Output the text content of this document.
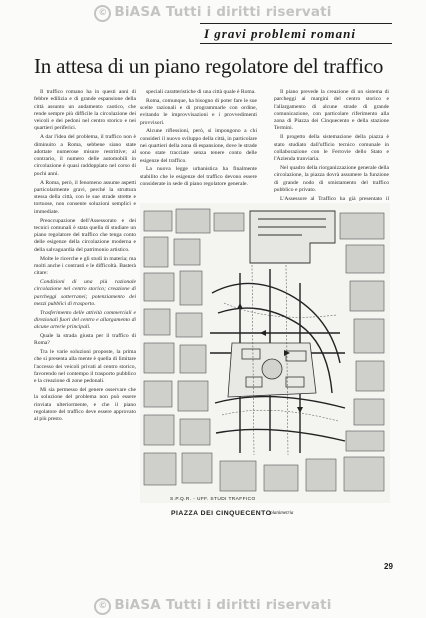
© BiASA Tutti i diritti riservati
I gravi problemi romani
In attesa di un piano regolatore del traffico

Il traffico romano ha in questi anni di febbre edilizia e di grande espansione della città assunto un andamento caotico, che rende sempre più difficile la circolazione dei veicoli e dei pedoni nel centro storico e nei quartieri periferici.

A dar l'idea del problema, il traffico non è diminuito a Roma, sebbene siano state adottate numerose misure restrittive; al contrario, il numero delle automobili in circolazione è quasi raddoppiato nel corso di pochi anni.

A Roma, però, il fenomeno assume aspetti particolarmente gravi, perché la struttura stessa della città, con le sue strade strette e tortuose, non consente soluzioni semplici e immediate.

Preoccupazione dell'Assessorato e dei tecnici comunali è stata quella di studiare un piano regolatore del traffico che tenga conto delle esigenze della circolazione moderna e della salvaguardia del patrimonio artistico.

Molte le ricerche e gli studi in materia; ma molti anche i contrasti e le difficoltà. Basterà citare:

Condizioni di una più razionale circolazione nel centro storico; creazione di parcheggi sotterranei; potenziamento dei mezzi pubblici di trasporto.

Trasferimento delle attività commerciali e direzionali fuori del centro e allargamento di alcune arterie principali.

Quale la strada giusta per il traffico di Roma?

Tra le varie soluzioni proposte, la prima che si presenta alla mente è quella di limitare l'accesso dei veicoli privati al centro storico, favorendo nel contempo il trasporto pubblico e la creazione di zone pedonali.

Mi sia permesso del genere osservare che la soluzione del problema non può essere rinviata ulteriormente, e che il piano regolatore del traffico deve essere approvato al più presto.

speciali caratteristiche di una città quale è Roma.

Roma, comunque, ha bisogno di poter fare le sue scelte razionali e di programmarle con ordine, evitando le improvvisazioni e i provvedimenti provvisori.

Alcune riflessioni, però, si impongono a chi consideri il nuovo sviluppo della città, in particolare nei quartieri della zona di espansione, dove le strade sono state tracciate senza tenere conto delle esigenze del traffico.

La nuova legge urbanistica ha finalmente stabilito che le esigenze del traffico devono essere considerate in sede di piano regolatore generale.

Il piano prevede la creazione di un sistema di parcheggi ai margini del centro storico e l'allargamento di alcune strade di grande comunicazione, con particolare riferimento alla zona di Piazza dei Cinquecento e della stazione Termini.

Il progetto della sistemazione della piazza è stato studiato dall'ufficio tecnico comunale in collaborazione con le Ferrovie dello Stato e l'Azienda tranviaria.

Nel quadro della riorganizzazione generale della circolazione, la piazza dovrà assumere la funzione di grande nodo di smistamento del traffico pubblico e privato.

L'Assessore al Traffico ha già presentato il

S.P.Q.R. - UFF. STUDI TRAFFICO
PIAZZA DEI CINQUECENTO
planimetria
29
© BiASA Tutti i diritti riservati
